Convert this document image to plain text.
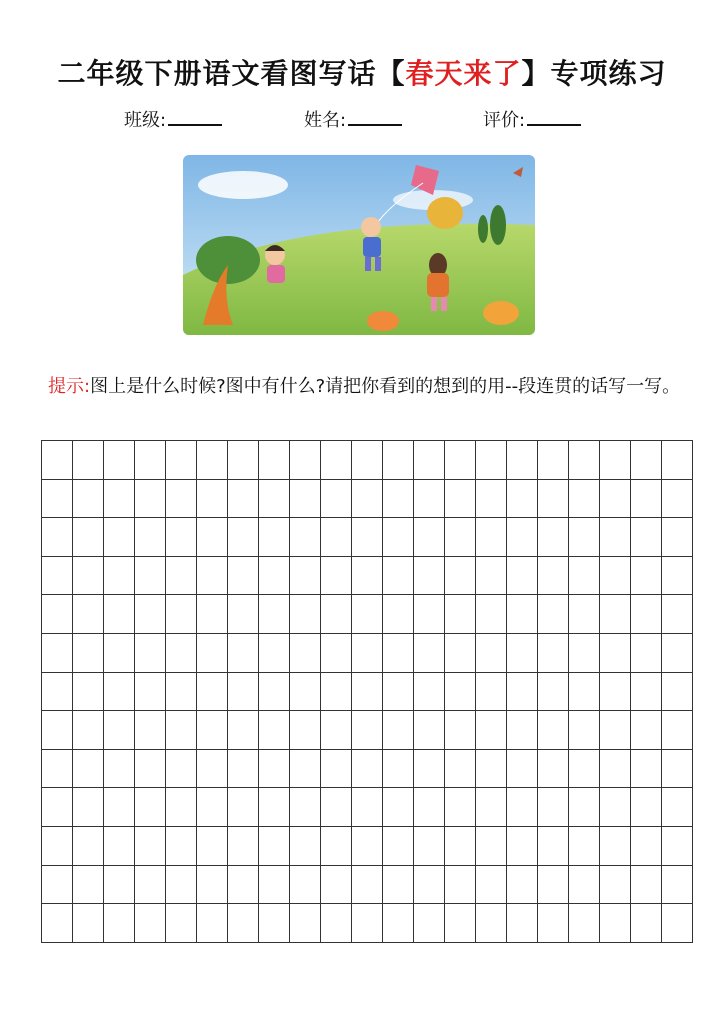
二年级下册语文看图写话【春天来了】专项练习
班级:	姓名:	评价:
提示:图上是什么时候?图中有什么?请把你看到的想到的用--段连贯的话写一写。
